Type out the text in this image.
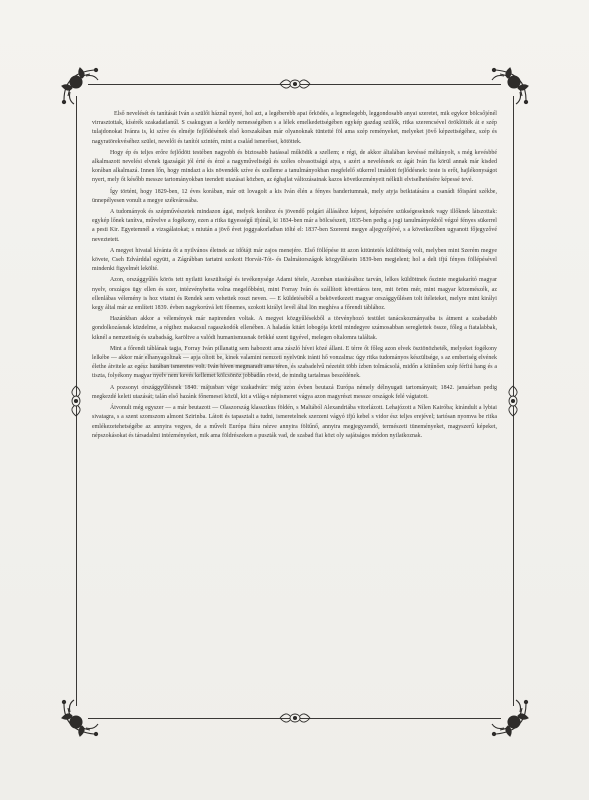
Első nevelését és tanítását Iván a szülői háznál nyeré, hol azt, a legéberebb apai őrködés, a legmelegebb, leggondosabb anyai szeretet, mik egykor bölcsőjénél virrasztottak, kísérék szakadatlanúl. S csakugyan a kedély nemességében s a lélek emelkedettségében egykép gazdag szülők, ritka szerencsével öröklötték át e szép tulajdonokat Ivánra is, ki szíve és elméje fejlődésének első korszakában már olyanoknak tüntetté föl ama szép reményeket, melyeket jövő képzettségéhez, szép és nagyratörekvéséhez szülei, nevelői és tanítói szintén, mint a család ismerősei, kötöttek.

Hogy ép és teljes erőre fejlődött testében nagyobb és biztosabb hatással működik a szellem; e régi, de akkor általában kevéssé méltányolt, s még kevésbbé alkalmazott nevelési elvnek igazságát jól érté és érzé a nagyműveltségű és széles olvasottságú atya, s azért a nevelésnek ez ágát Iván fia körül annak már kisded korában alkalmazá. Innen lőn, hogy mindazt a kis növendék szíve és szelleme a tanulmányokban megfelelő sükerrel imádott fejlődésnek: teste is erőt, hajlékonyságot nyert, mely őt később messze tartományokban teendett utazásai közben, az éghajlat változásainak kazos következményeit nélküli elviselhetésére képessé tevé.

Így történt, hogy 1829-ben, 12 éves korában, már ott lovagolt a kis Iván élén a fényes banderiumnak, mely atyja beiktatására a csanádi főispáni székbe, ünnepélyesen vonult a megye székvárosába.

A tudományok és szépművészetek mindazon ágai, melyek korához és jövendő polgári állásához képest, képzésére szükségeseknek vagy illőknek látszottak: egykép lőnek tanítva, művelve a fogékony, ezen a ritka ügyességű ifjúnál, ki 1834-ben már a bölcsészeti, 1835-ben pedig a jogi tanulmányokból végzé fényes sükerrel a pesti Kir. Egyetemnél a vizsgálatokat; s miután a jövő évet joggyakorlatban tölté el: 1837-ben Szeremi megye aljegyzőjévé, s a következőben ugyanott főjegyzővé neveztetett.

A megyei hivatal kívánta őt a nyilvános életnek az időtájt már zajos menejére. Első föllépése itt azon kitüntetés küldöttség volt, melyben mint Szerém megye követe, Cseh Edvárddal együtt, a Zágrábban tartatni szokott Horvát-Tót- és Dalmátországok közgyűlésein 1839-ben megjelent; hol a deli ifjú fényes föllépésével mindenki figyelmét lekölté.

Azon, országgyűlés körös tett nyilatti keszültségé és tevékenysége Adami tétele, Azonban utasításához tarván, lelkes küldöttnek őszinte megtakarító magyar nyelv, országos ügy ellen és szer, intézvényhetta volna megelőbbéni, mint Forray Iván és szállított követtáros tere, mit öröm mér, mint magyar közemészék, az ellenlábas vélemény is hoz vitatni és Rendek sem vehettek roszt neven. — E küldetéséből a bekövetkezett magyar országgyűlésen tolt ítéleteket, melyre mint királyi kegy által már az említett 1839. évben nagykorúvá lett főnemes, szokott királyi levél által lön meghíva a főrendi táblához.

Hazánkban akkor a vélemények már napirenden voltak. A megyei közgyűlésekből a törvényhozó testület tanácskozmányaiba is átment a szabadabb gondolkozásnak küzdelme, a régihez makacsul ragaszkodók ellenében. A haladás kitárt lobogója körül mindegyre számosabban sereglettek össze, főleg a fiatalabbak, kiknél a nemzetiség és szabadság, karöltve a valódi humanismusnak örökké szent ügyével, melegen oltalomra találtak.

Mint a főrendi táblának tagja, Forray Iván pillanatig sem habozott ama zászló hívei közé állani. E térre őt főleg azon elvek ösztönözheték, melyeket fogékony lelkébe — akkor már elhanyagoltnak — apja oltott be, kinek valamint nemzeti nyelvünk iránti hő vonzalma: úgy ritka tudományos készültsége, s az emberiség elvének élethe átvitele az egész hazában ismeretes volt. Iván híven megmaradt ama téren, és szabadelvű nézetéit több ízben tolmácsolá, midőn a kitűnően szép férfiú hang és a tiszta, folyékony magyar nyelv nem kevés kellemet kölcsönöz jobbadán rövid, de mindig tartalmas beszédének.

A pozsonyi országgyűlésnek 1840. májusban vége szakadván: még azon évben beutazá Európa némely délnyugati tartományait; 1842. januárban pedig megkezdé keleti utazását; talán első hazánk főnemesei közül, kit a világ-s népismeret vágya azon magyrészt messze országok felé vágtatott.

Átvonult még egyszer — a már beutazott — Olaszország klasszikus földén, s Maltából Alexandriába vitorlázott. Lehajózott a Nílen Kairóba; kirándult a lybiai sivatagra, s a szent szomszom almont Szirinba. Látott és tapasztalt a tudni, ismeretelnek szerzeni vágyó ifjú kebel s vidor ész teljes erejével; tartósan nyomva be ritka emlékezetehetségébe az annyira vegyes, de a művelt Európa fiára nézve annyira föltűnő, annyira megjegyzendő, természeti tüneményeket, magyszerű képeket, népszokásokat és társadalmi intézményeket, mik ama földrészeken a puszták vad, de szabad fiai közt oly sajátságos módon nyilatkoznak.
